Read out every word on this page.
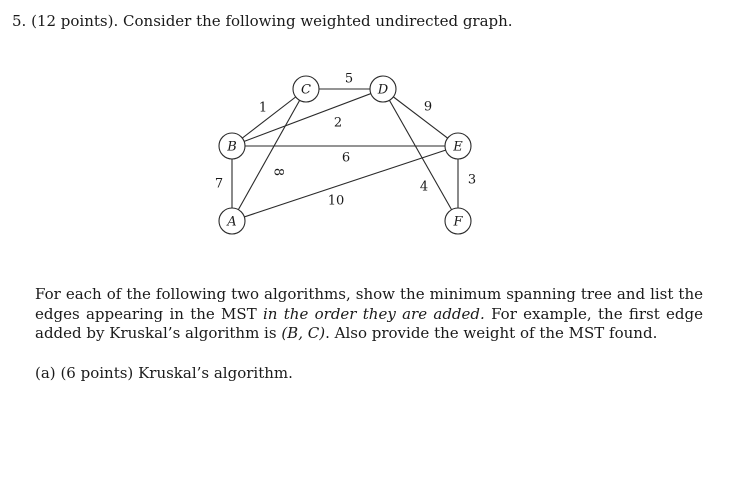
5. (12 points). Consider the following weighted undirected graph.
1
8
5
2
6
7
10
9
4	3
A
B
C	D
E
F
For each of the following two algorithms, show the minimum spanning tree and list the edges appearing in the MST in the order they are added. For example, the first edge added by Kruskal’s algorithm is (B, C). Also provide the weight of the MST found.
(a) (6 points) Kruskal’s algorithm.
